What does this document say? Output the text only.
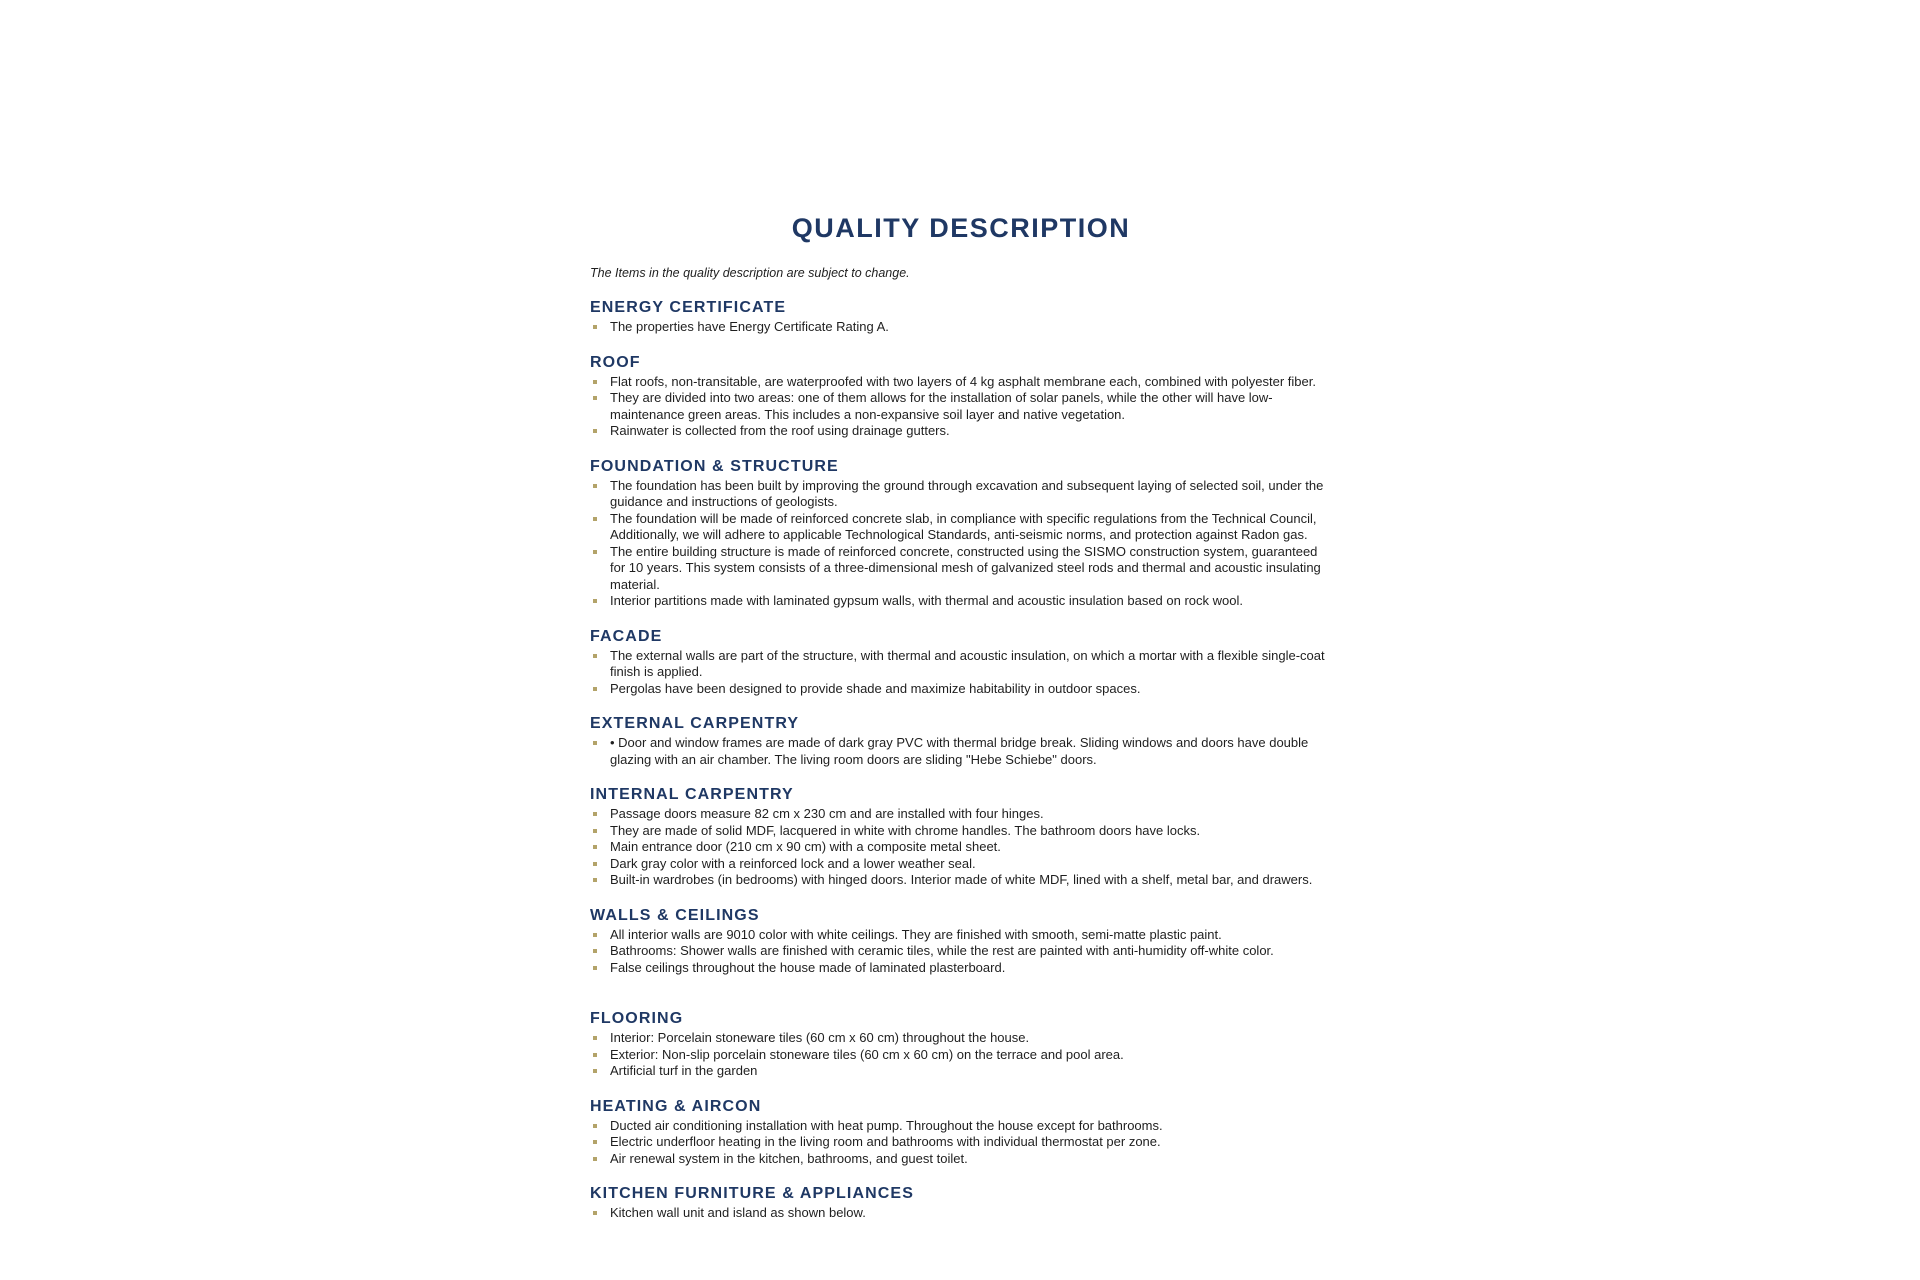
QUALITY DESCRIPTION
The Items in the quality description are subject to change.
ENERGY CERTIFICATE
The properties have Energy Certificate Rating A.
ROOF
Flat roofs, non-transitable, are waterproofed with two layers of 4 kg asphalt membrane each, combined with polyester fiber.
They are divided into two areas: one of them allows for the installation of solar panels, while the other will have low-maintenance green areas. This includes a non-expansive soil layer and native vegetation.
Rainwater is collected from the roof using drainage gutters.
FOUNDATION & STRUCTURE
The foundation has been built by improving the ground through excavation and subsequent laying of selected soil, under the guidance and instructions of geologists.
The foundation will be made of reinforced concrete slab, in compliance with specific regulations from the Technical Council, Additionally, we will adhere to applicable Technological Standards, anti-seismic norms, and protection against Radon gas.
The entire building structure is made of reinforced concrete, constructed using the SISMO construction system, guaranteed for 10 years. This system consists of a three-dimensional mesh of galvanized steel rods and thermal and acoustic insulating material.
Interior partitions made with laminated gypsum walls, with thermal and acoustic insulation based on rock wool.
FACADE
The external walls are part of the structure, with thermal and acoustic insulation, on which a mortar with a flexible single-coat finish is applied.
Pergolas have been designed to provide shade and maximize habitability in outdoor spaces.
EXTERNAL CARPENTRY
• Door and window frames are made of dark gray PVC with thermal bridge break. Sliding windows and doors have double glazing with an air chamber. The living room doors are sliding "Hebe Schiebe" doors.
INTERNAL CARPENTRY
Passage doors measure 82 cm x 230 cm and are installed with four hinges.
They are made of solid MDF, lacquered in white with chrome handles. The bathroom doors have locks.
Main entrance door (210 cm x 90 cm) with a composite metal sheet.
Dark gray color with a reinforced lock and a lower weather seal.
Built-in wardrobes (in bedrooms) with hinged doors. Interior made of white MDF, lined with a shelf, metal bar, and drawers.
WALLS & CEILINGS
All interior walls are 9010 color with white ceilings. They are finished with smooth, semi-matte plastic paint.
Bathrooms: Shower walls are finished with ceramic tiles, while the rest are painted with anti-humidity off-white color.
False ceilings throughout the house made of laminated plasterboard.
FLOORING
Interior: Porcelain stoneware tiles (60 cm x 60 cm) throughout the house.
Exterior: Non-slip porcelain stoneware tiles (60 cm x 60 cm) on the terrace and pool area.
Artificial turf in the garden
HEATING & AIRCON
Ducted air conditioning installation with heat pump. Throughout the house except for bathrooms.
Electric underfloor heating in the living room and bathrooms with individual thermostat per zone.
Air renewal system in the kitchen, bathrooms, and guest toilet.
KITCHEN FURNITURE & APPLIANCES
Kitchen wall unit and island as shown below.
